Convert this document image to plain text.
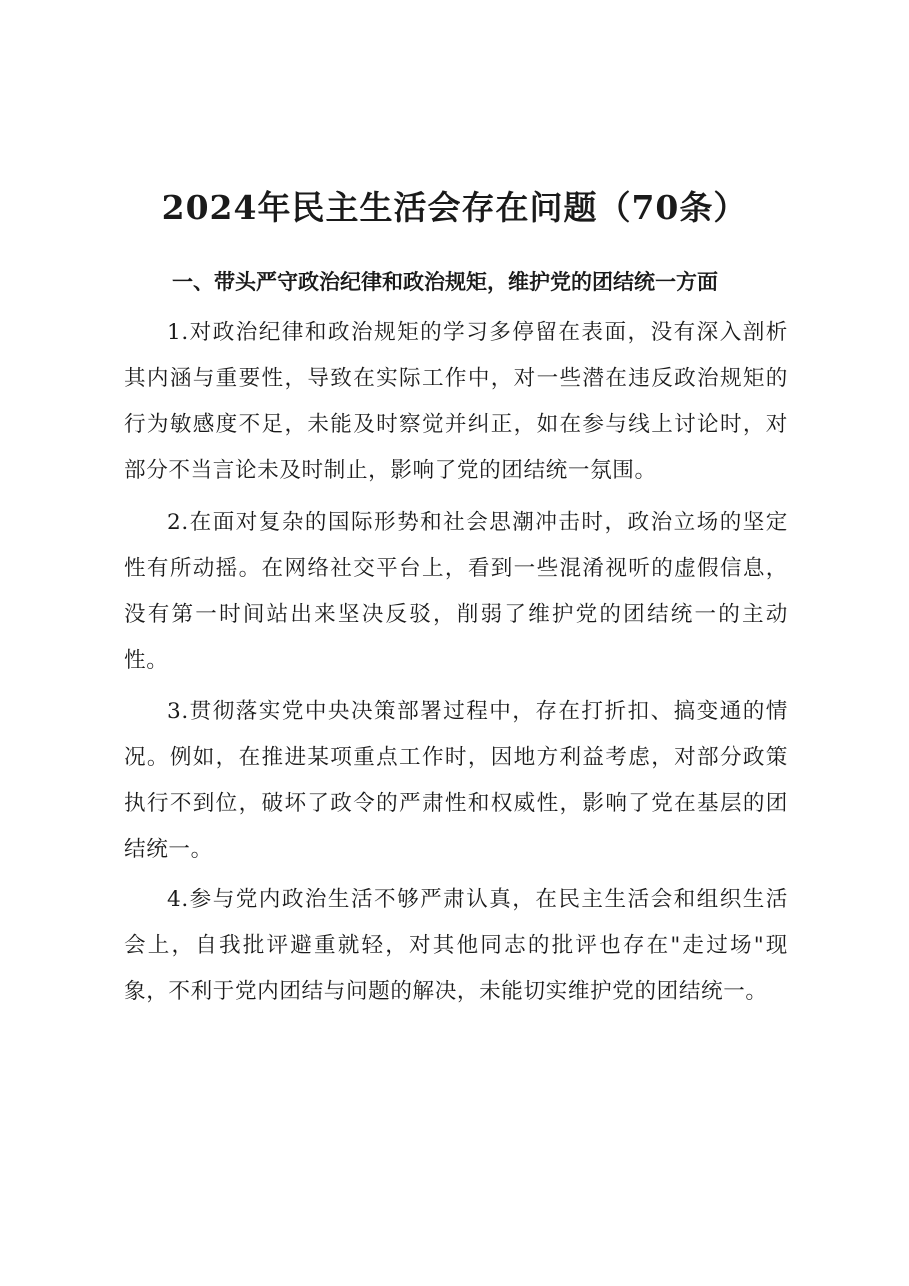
2024年民主生活会存在问题（70条）
一、带头严守政治纪律和政治规矩，维护党的团结统一方面

1.对政治纪律和政治规矩的学习多停留在表面，没有深入剖析其内涵与重要性，导致在实际工作中，对一些潜在违反政治规矩的行为敏感度不足，未能及时察觉并纠正，如在参与线上讨论时，对部分不当言论未及时制止，影响了党的团结统一氛围。

2.在面对复杂的国际形势和社会思潮冲击时，政治立场的坚定性有所动摇。在网络社交平台上，看到一些混淆视听的虚假信息，没有第一时间站出来坚决反驳，削弱了维护党的团结统一的主动性。

3.贯彻落实党中央决策部署过程中，存在打折扣、搞变通的情况。例如，在推进某项重点工作时，因地方利益考虑，对部分政策执行不到位，破坏了政令的严肃性和权威性，影响了党在基层的团结统一。

4.参与党内政治生活不够严肃认真，在民主生活会和组织生活会上，自我批评避重就轻，对其他同志的批评也存在"走过场"现象，不利于党内团结与问题的解决，未能切实维护党的团结统一。
